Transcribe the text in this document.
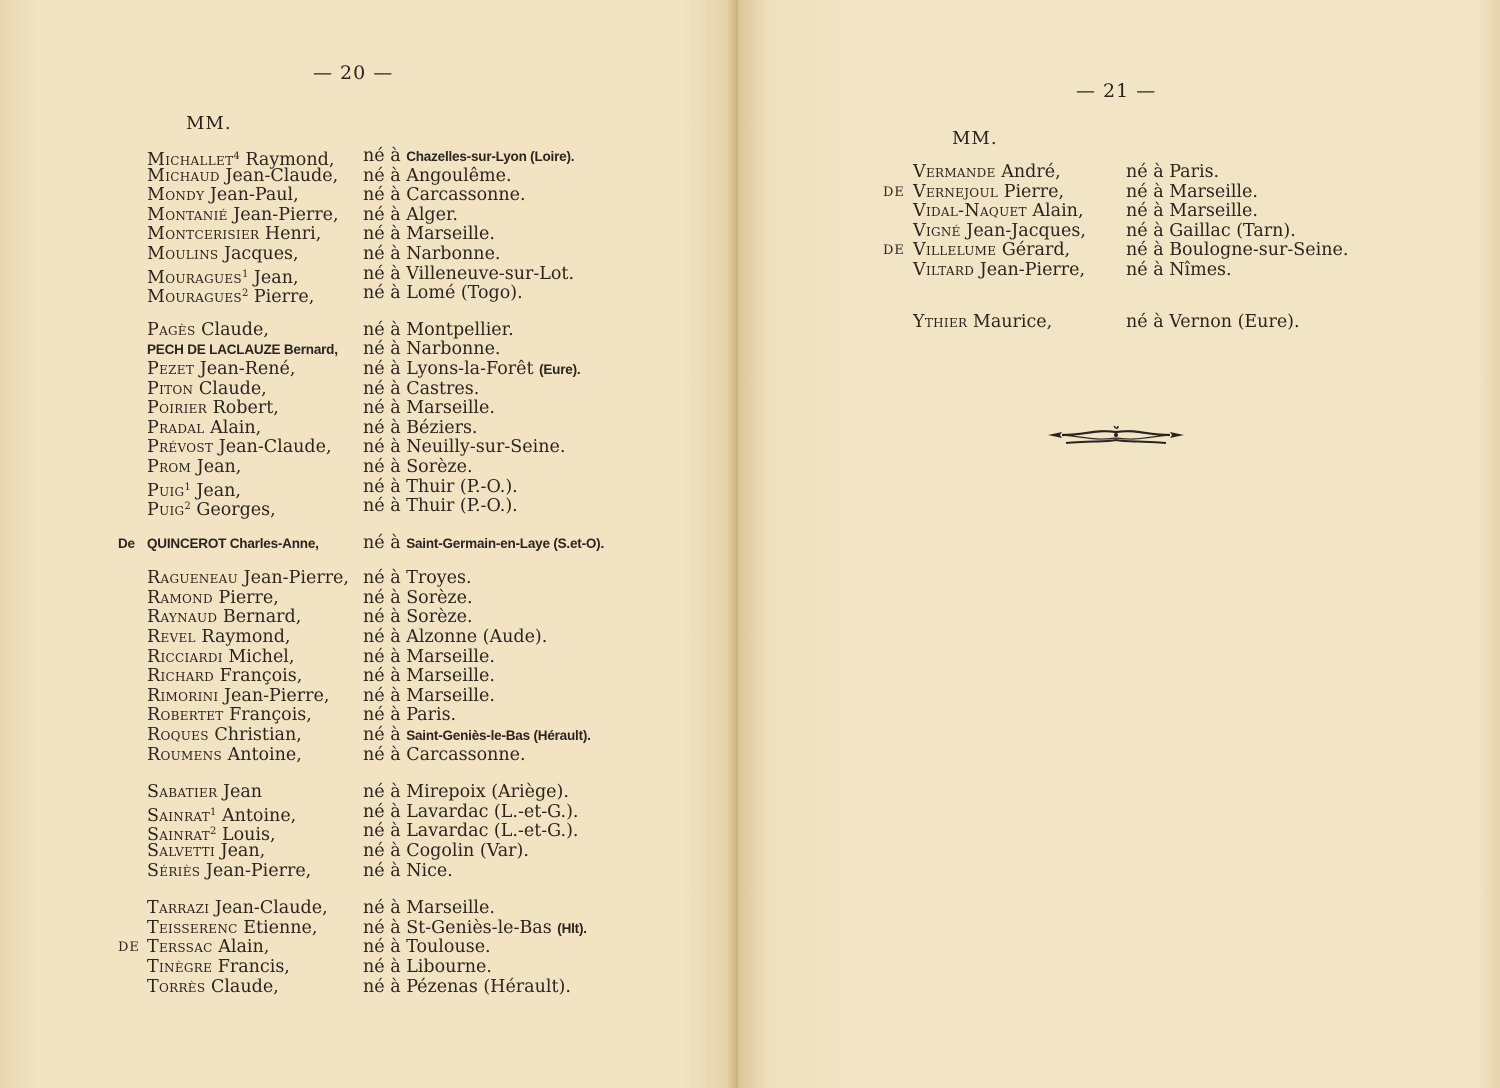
— 20 —
MM.
Michallet$^4$ Raymond, né à Chazelles-sur-Lyon (Loire).
Michaud Jean-Claude, né à Angoulême.
Mondy Jean-Paul,	né à Carcassonne.
Montanié Jean-Pierre, né à Alger.
Montcerisier Henri, né à Marseille.
Moulins Jacques,	né à Narbonne.
Mouragues$^1$ Jean,	né à Villeneuve-sur-Lot.
Mouragues$^2$ Pierre,	né à Lomé (Togo).
Pagès Claude,	né à Montpellier.
PECH DE LACLAUZE Bernard, né à Narbonne.
Pezet Jean-René,	né à Lyons-la-Forêt (Eure).
Piton Claude,	né à Castres.
Poirier Robert,	né à Marseille.
Pradal Alain,	né à Béziers.
Prévost Jean-Claude, né à Neuilly-sur-Seine.
Prom Jean,	né à Sorèze.
Puig$^1$ Jean,	né à Thuir (P.-O.).
Puig$^2$ Georges,	né à Thuir (P.-O.).
De QUINCEROT Charles-Anne,	né à Saint-Germain-en-Laye (S.et-O).
Ragueneau Jean-Pierre, né à Troyes.
Ramond Pierre,	né à Sorèze.
Raynaud Bernard,	né à Sorèze.
Revel Raymond,	né à Alzonne (Aude).
Ricciardi Michel,	né à Marseille.
Richard François,	né à Marseille.
Rimorini Jean-Pierre, né à Marseille.
Robertet François,	né à Paris.
Roques Christian,	né à Saint-Geniès-le-Bas (Hérault).
Roumens Antoine,	né à Carcassonne.
Sabatier Jean	né à Mirepoix (Ariège).
Sainrat$^1$ Antoine,	né à Lavardac (L.-et-G.).
Sainrat$^2$ Louis,	né à Lavardac (L.-et-G.).
Salvetti Jean,	né à Cogolin (Var).
Sériès Jean-Pierre,	né à Nice.
Tarrazi Jean-Claude, né à Marseille.
Teisserenc Etienne,	né à St-Geniès-le-Bas (Hlt).
DE Terssac Alain,	né à Toulouse.
Tinègre Francis,	né à Libourne.
Torrès Claude,	né à Pézenas (Hérault).
— 21 —
MM.
Vermande André,	né à Paris.
DE Vernejoul Pierre,	né à Marseille.
Vidal-Naquet Alain, né à Marseille.
Vigné Jean-Jacques, né à Gaillac (Tarn).
DE Villelume Gérard,	né à Boulogne-sur-Seine.
Viltard Jean-Pierre, né à Nîmes.
Ythier Maurice,	né à Vernon (Eure).
